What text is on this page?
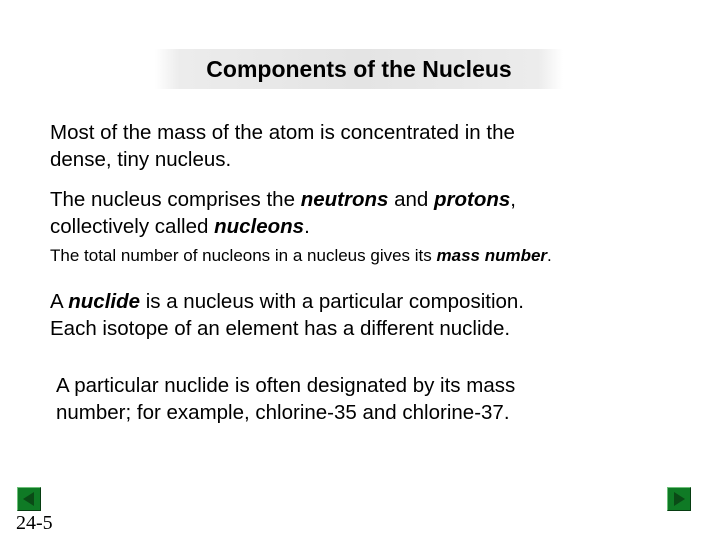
Components of the Nucleus
Most of the mass of the atom is concentrated in the
dense, tiny nucleus.
The nucleus comprises the neutrons and protons,
collectively called nucleons.
The total number of nucleons in a nucleus gives its mass number.
A nuclide is a nucleus with a particular composition.
Each isotope of an element has a different nuclide.
A particular nuclide is often designated by its mass
number; for example, chlorine-35 and chlorine-37.
24-5
